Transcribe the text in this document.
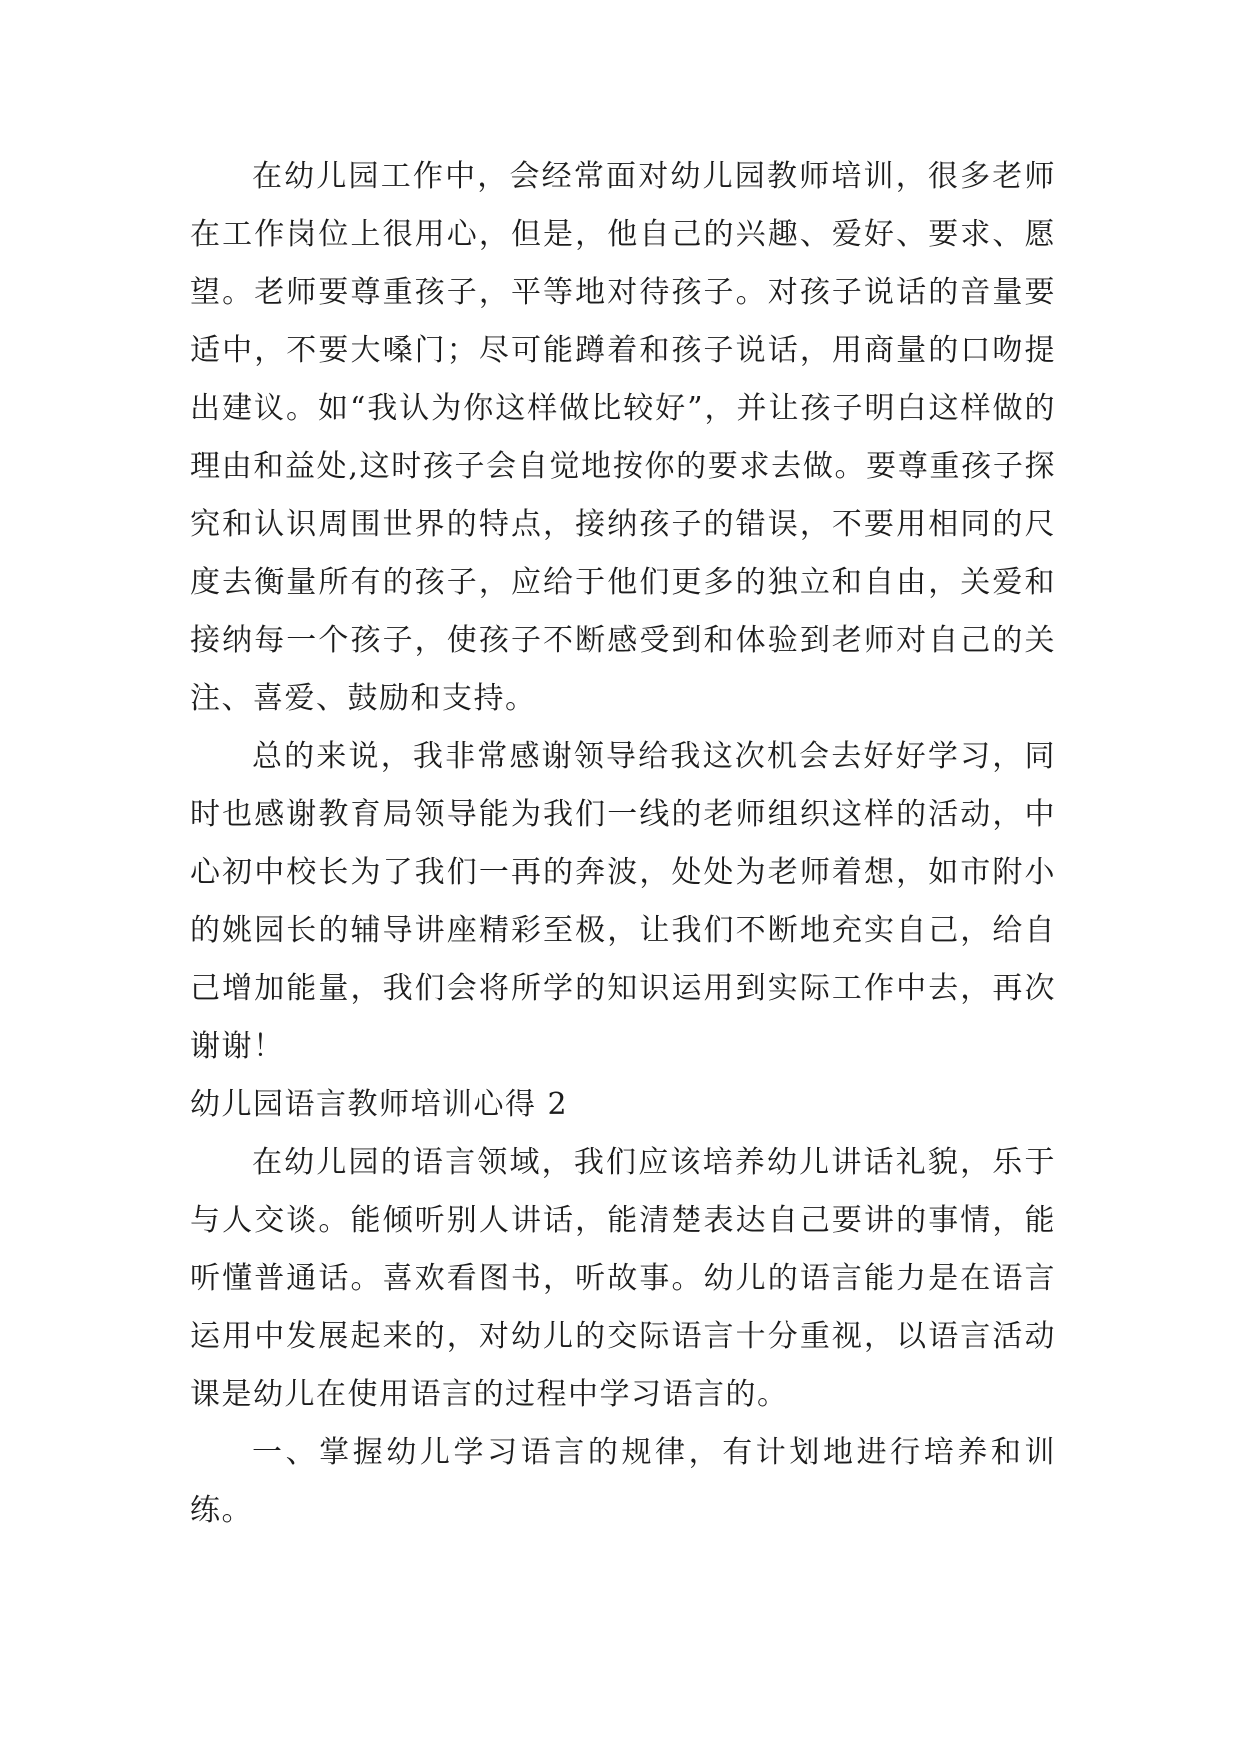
在幼儿园工作中，会经常面对幼儿园教师培训，很多老师在工作岗位上很用心，但是，他自己的兴趣、爱好、要求、愿望。老师要尊重孩子，平等地对待孩子。对孩子说话的音量要适中，不要大嗓门；尽可能蹲着和孩子说话，用商量的口吻提出建议。如“我认为你这样做比较好”，并让孩子明白这样做的理由和益处,这时孩子会自觉地按你的要求去做。要尊重孩子探究和认识周围世界的特点，接纳孩子的错误，不要用相同的尺度去衡量所有的孩子，应给于他们更多的独立和自由，关爱和接纳每一个孩子，使孩子不断感受到和体验到老师对自己的关注、喜爱、鼓励和支持。

总的来说，我非常感谢领导给我这次机会去好好学习，同时也感谢教育局领导能为我们一线的老师组织这样的活动，中心初中校长为了我们一再的奔波，处处为老师着想，如市附小的姚园长的辅导讲座精彩至极，让我们不断地充实自己，给自己增加能量，我们会将所学的知识运用到实际工作中去，再次谢谢！

幼儿园语言教师培训心得 2

在幼儿园的语言领域，我们应该培养幼儿讲话礼貌，乐于与人交谈。能倾听别人讲话，能清楚表达自己要讲的事情，能听懂普通话。喜欢看图书，听故事。幼儿的语言能力是在语言运用中发展起来的，对幼儿的交际语言十分重视，以语言活动课是幼儿在使用语言的过程中学习语言的。

一、掌握幼儿学习语言的规律，有计划地进行培养和训练。
